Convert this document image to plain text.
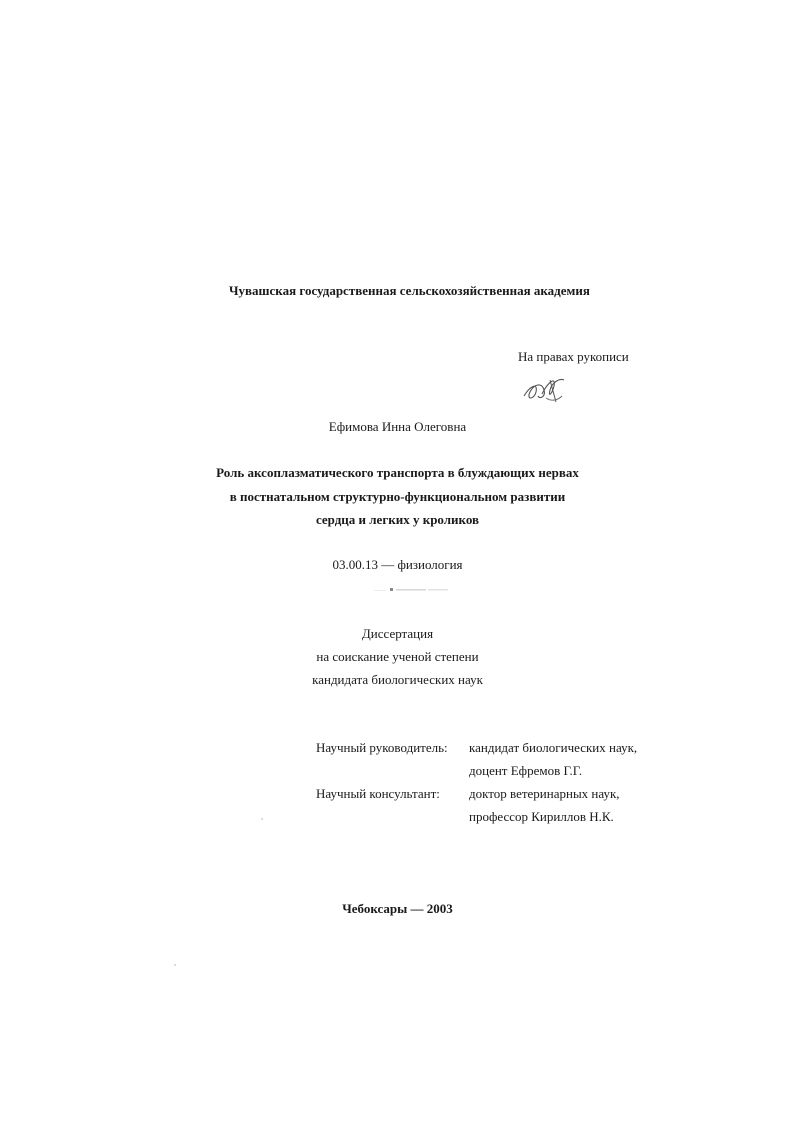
Чувашская государственная сельскохозяйственная академия
На правах рукописи
Ефимова Инна Олеговна
Роль аксоплазматического транспорта в блуждающих нервах
в постнатальном структурно-функциональном развитии
сердца и легких у кроликов
03.00.13 — физиология
Диссертация
на соискание ученой степени
кандидата биологических наук
Научный руководитель: кандидат биологических наук,
доцент Ефремов Г.Г.
Научный консультант: доктор ветеринарных наук,
профессор Кириллов Н.К.
Чебоксары — 2003
